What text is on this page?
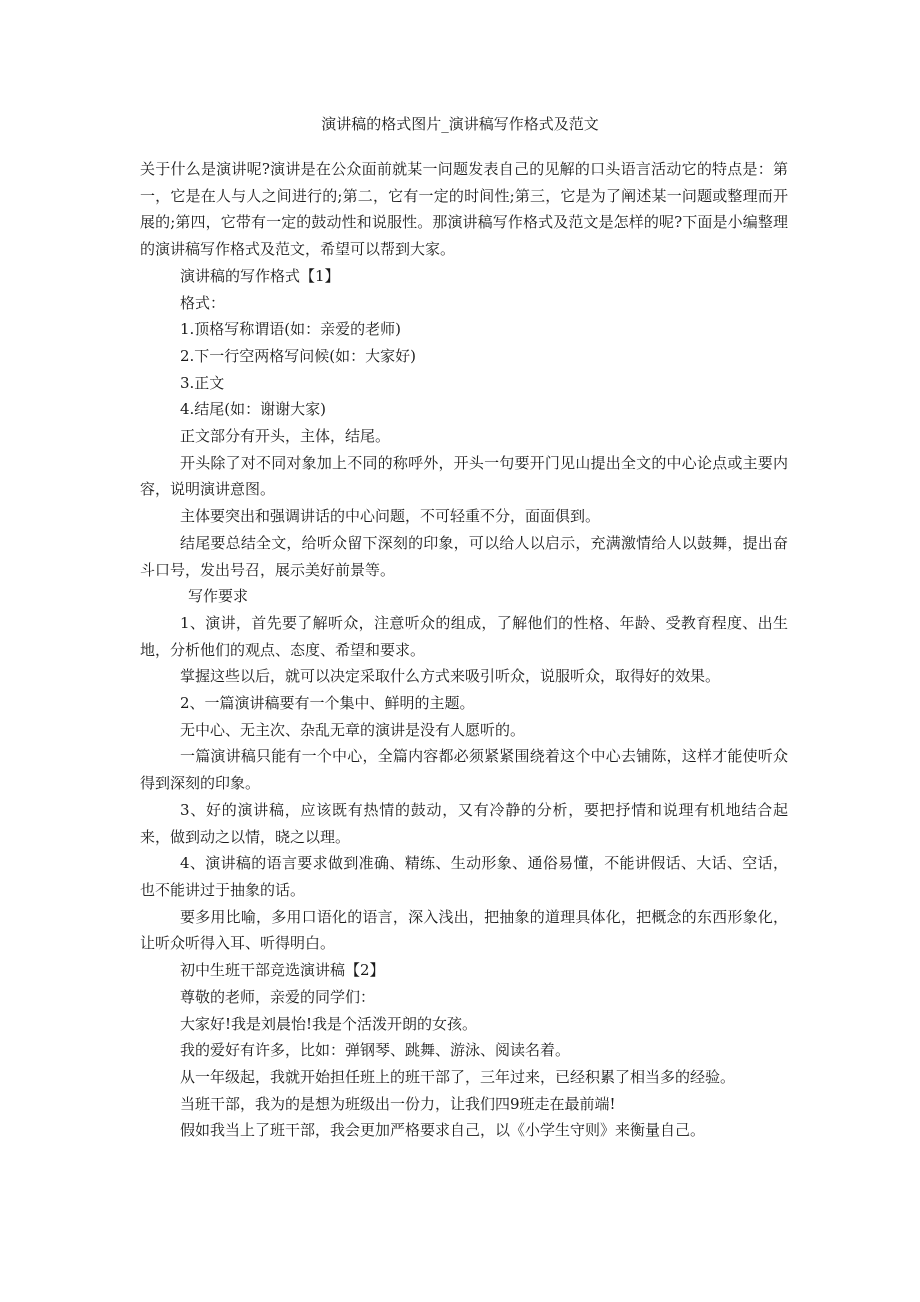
演讲稿的格式图片_演讲稿写作格式及范文

关于什么是演讲呢?演讲是在公众面前就某一问题发表自己的见解的口头语言活动它的特点是：第一，它是在人与人之间进行的;第二，它有一定的时间性;第三，它是为了阐述某一问题或整理而开展的;第四，它带有一定的鼓动性和说服性。那演讲稿写作格式及范文是怎样的呢?下面是小编整理的演讲稿写作格式及范文，希望可以帮到大家。

演讲稿的写作格式【1】

格式：

1.顶格写称谓语(如：亲爱的老师)

2.下一行空两格写问候(如：大家好)

3.正文

4.结尾(如：谢谢大家)

正文部分有开头，主体，结尾。

开头除了对不同对象加上不同的称呼外，开头一句要开门见山提出全文的中心论点或主要内容，说明演讲意图。

主体要突出和强调讲话的中心问题，不可轻重不分，面面俱到。

结尾要总结全文，给听众留下深刻的印象，可以给人以启示，充满激情给人以鼓舞，提出奋斗口号，发出号召，展示美好前景等。

写作要求

1、演讲，首先要了解听众，注意听众的组成，了解他们的性格、年龄、受教育程度、出生地，分析他们的观点、态度、希望和要求。

掌握这些以后，就可以决定采取什么方式来吸引听众，说服听众，取得好的效果。

2、一篇演讲稿要有一个集中、鲜明的主题。

无中心、无主次、杂乱无章的演讲是没有人愿听的。

一篇演讲稿只能有一个中心，全篇内容都必须紧紧围绕着这个中心去铺陈，这样才能使听众得到深刻的印象。

3、好的演讲稿，应该既有热情的鼓动，又有冷静的分析，要把抒情和说理有机地结合起来，做到动之以情，晓之以理。

4、演讲稿的语言要求做到准确、精练、生动形象、通俗易懂，不能讲假话、大话、空话，也不能讲过于抽象的话。

要多用比喻，多用口语化的语言，深入浅出，把抽象的道理具体化，把概念的东西形象化，让听众听得入耳、听得明白。

初中生班干部竞选演讲稿【2】

尊敬的老师，亲爱的同学们：

大家好!我是刘晨怡!我是个活泼开朗的女孩。

我的爱好有许多，比如：弹钢琴、跳舞、游泳、阅读名着。

从一年级起，我就开始担任班上的班干部了，三年过来，已经积累了相当多的经验。

当班干部，我为的是想为班级出一份力，让我们四9班走在最前端!

假如我当上了班干部，我会更加严格要求自己，以《小学生守则》来衡量自己。
